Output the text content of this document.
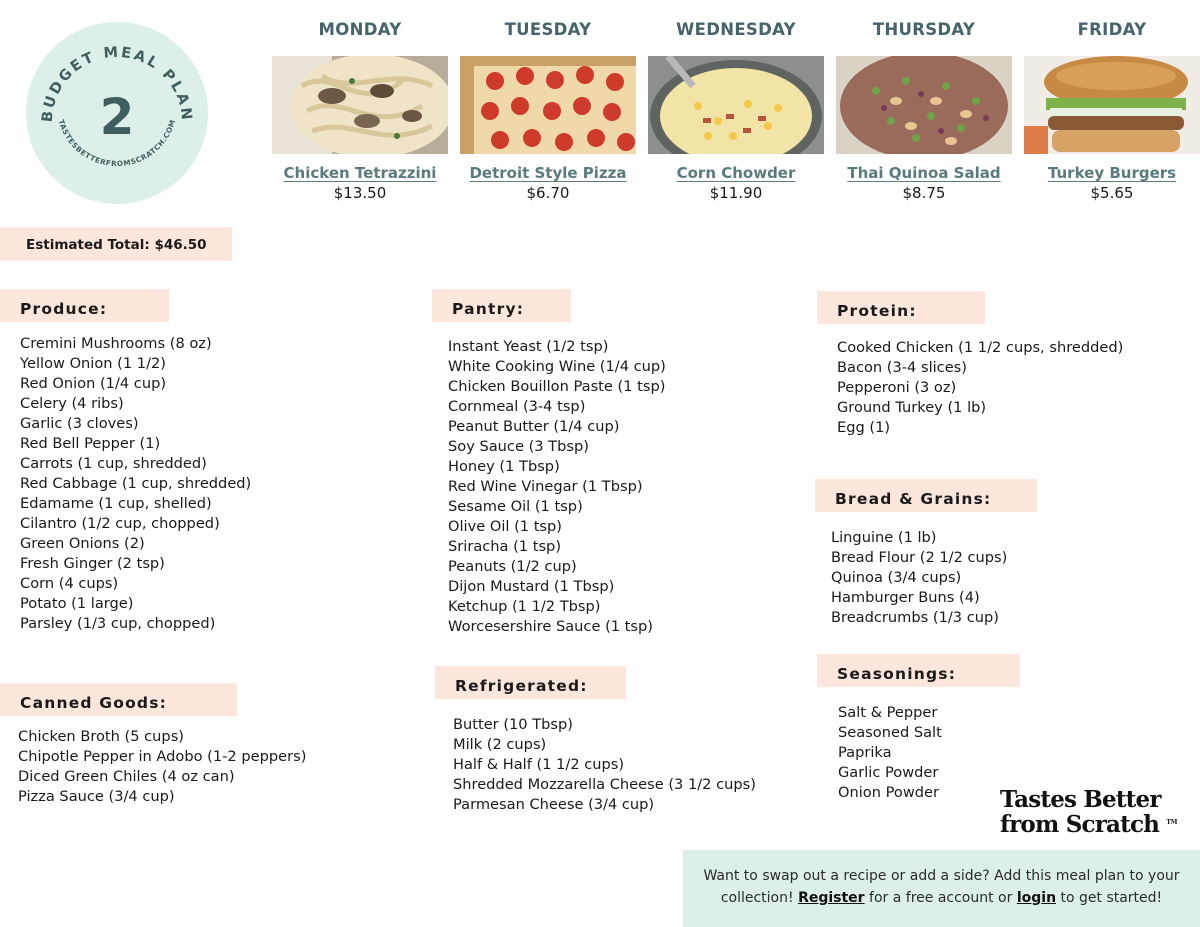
BUDGET MEAL PLAN
TASTESBETTERFROMSCRATCH.COM
2
MONDAY
Chicken Tetrazzini
$13.50
TUESDAY
Detroit Style Pizza
$6.70
WEDNESDAY
Corn Chowder
$11.90
THURSDAY
Thai Quinoa Salad
$8.75
FRIDAY
Turkey Burgers
$5.65
Estimated Total: $46.50
Produce:
Cremini Mushrooms (8 oz)
Yellow Onion (1 1/2)
Red Onion (1/4 cup)
Celery (4 ribs)
Garlic (3 cloves)
Red Bell Pepper (1)
Carrots (1 cup, shredded)
Red Cabbage (1 cup, shredded)
Edamame (1 cup, shelled)
Cilantro (1/2 cup, chopped)
Green Onions (2)
Fresh Ginger (2 tsp)
Corn (4 cups)
Potato (1 large)
Parsley (1/3 cup, chopped)
Canned Goods:
Chicken Broth (5 cups)
Chipotle Pepper in Adobo (1-2 peppers)
Diced Green Chiles (4 oz can)
Pizza Sauce (3/4 cup)
Pantry:
Instant Yeast (1/2 tsp)
White Cooking Wine (1/4 cup)
Chicken Bouillon Paste (1 tsp)
Cornmeal (3-4 tsp)
Peanut Butter (1/4 cup)
Soy Sauce (3 Tbsp)
Honey (1 Tbsp)
Red Wine Vinegar (1 Tbsp)
Sesame Oil (1 tsp)
Olive Oil (1 tsp)
Sriracha (1 tsp)
Peanuts (1/2 cup)
Dijon Mustard (1 Tbsp)
Ketchup (1 1/2 Tbsp)
Worcesershire Sauce (1 tsp)
Refrigerated:
Butter (10 Tbsp)
Milk (2 cups)
Half & Half (1 1/2 cups)
Shredded Mozzarella Cheese (3 1/2 cups)
Parmesan Cheese (3/4 cup)
Protein:
Cooked Chicken (1 1/2 cups, shredded)
Bacon (3-4 slices)
Pepperoni (3 oz)
Ground Turkey (1 lb)
Egg (1)
Bread & Grains:
Linguine (1 lb)
Bread Flour (2 1/2 cups)
Quinoa (3/4 cups)
Hamburger Buns (4)
Breadcrumbs (1/3 cup)
Seasonings:
Salt & Pepper
Seasoned Salt
Paprika
Garlic Powder
Onion Powder	Tastes Better
from Scratch TM
Want to swap out a recipe or add a side? Add this meal plan to your collection! Register for a free account or login to get started!
